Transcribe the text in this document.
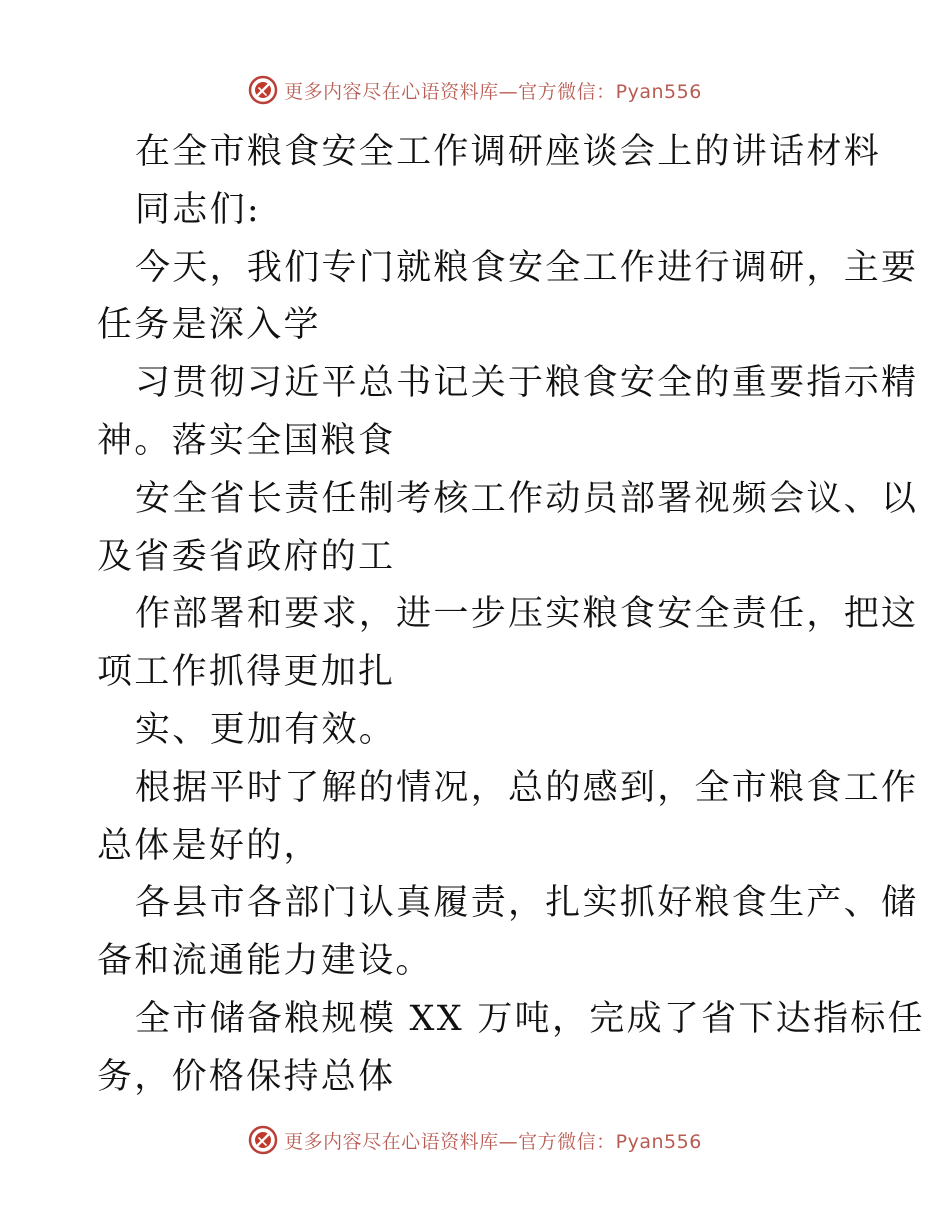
更多内容尽在心语资料库—官方微信：Pyan556
在全市粮食安全工作调研座谈会上的讲话材料
同志们:
今天，我们专门就粮食安全工作进行调研，主要
任务是深入学
习贯彻习近平总书记关于粮食安全的重要指示精
神。落实全国粮食
安全省长责任制考核工作动员部署视频会议、以
及省委省政府的工
作部署和要求，进一步压实粮食安全责任，把这
项工作抓得更加扎
实、更加有效。
根据平时了解的情况，总的感到，全市粮食工作
总体是好的，
各县市各部门认真履责，扎实抓好粮食生产、储
备和流通能力建设。
全市储备粮规模 XX 万吨，完成了省下达指标任
务，价格保持总体
更多内容尽在心语资料库—官方微信：Pyan556
